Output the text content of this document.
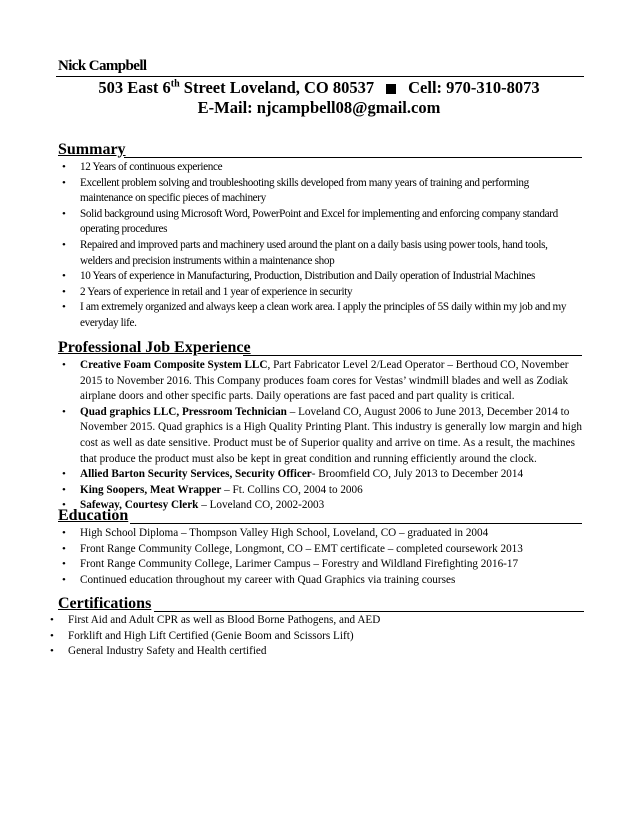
Nick Campbell
503 East 6th Street Loveland, CO 80537 Cell: 970-310-8073
E-Mail: njcampbell08@gmail.com
Summary
• 12 Years of continuous experience
• Excellent problem solving and troubleshooting skills developed from many years of training and performing maintenance on specific pieces of machinery
• Solid background using Microsoft Word, PowerPoint and Excel for implementing and enforcing company standard operating procedures
• Repaired and improved parts and machinery used around the plant on a daily basis using power tools, hand tools, welders and precision instruments within a maintenance shop
• 10 Years of experience in Manufacturing, Production, Distribution and Daily operation of Industrial Machines
• 2 Years of experience in retail and 1 year of experience in security
• I am extremely organized and always keep a clean work area. I apply the principles of 5S daily within my job and my everyday life.
Professional Job Experience
• Creative Foam Composite System LLC, Part Fabricator Level 2/Lead Operator – Berthoud CO, November 2015 to November 2016. This Company produces foam cores for Vestas’ windmill blades and well as Zodiak airplane doors and other specific parts. Daily operations are fast paced and part quality is critical.
• Quad graphics LLC, Pressroom Technician – Loveland CO, August 2006 to June 2013, December 2014 to November 2015. Quad graphics is a High Quality Printing Plant. This industry is generally low margin and high cost as well as date sensitive. Product must be of Superior quality and arrive on time. As a result, the machines that produce the product must also be kept in great condition and running efficiently around the clock.
• Allied Barton Security Services, Security Officer- Broomfield CO, July 2013 to December 2014
• King Soopers, Meat Wrapper – Ft. Collins CO, 2004 to 2006
• Safeway, Courtesy Clerk – Loveland CO, 2002-2003
Education
• High School Diploma – Thompson Valley High School, Loveland, CO – graduated in 2004
• Front Range Community College, Longmont, CO – EMT certificate – completed coursework 2013
• Front Range Community College, Larimer Campus – Forestry and Wildland Firefighting 2016-17
• Continued education throughout my career with Quad Graphics via training courses
Certifications
• First Aid and Adult CPR as well as Blood Borne Pathogens, and AED
• Forklift and High Lift Certified (Genie Boom and Scissors Lift)
• General Industry Safety and Health certified
